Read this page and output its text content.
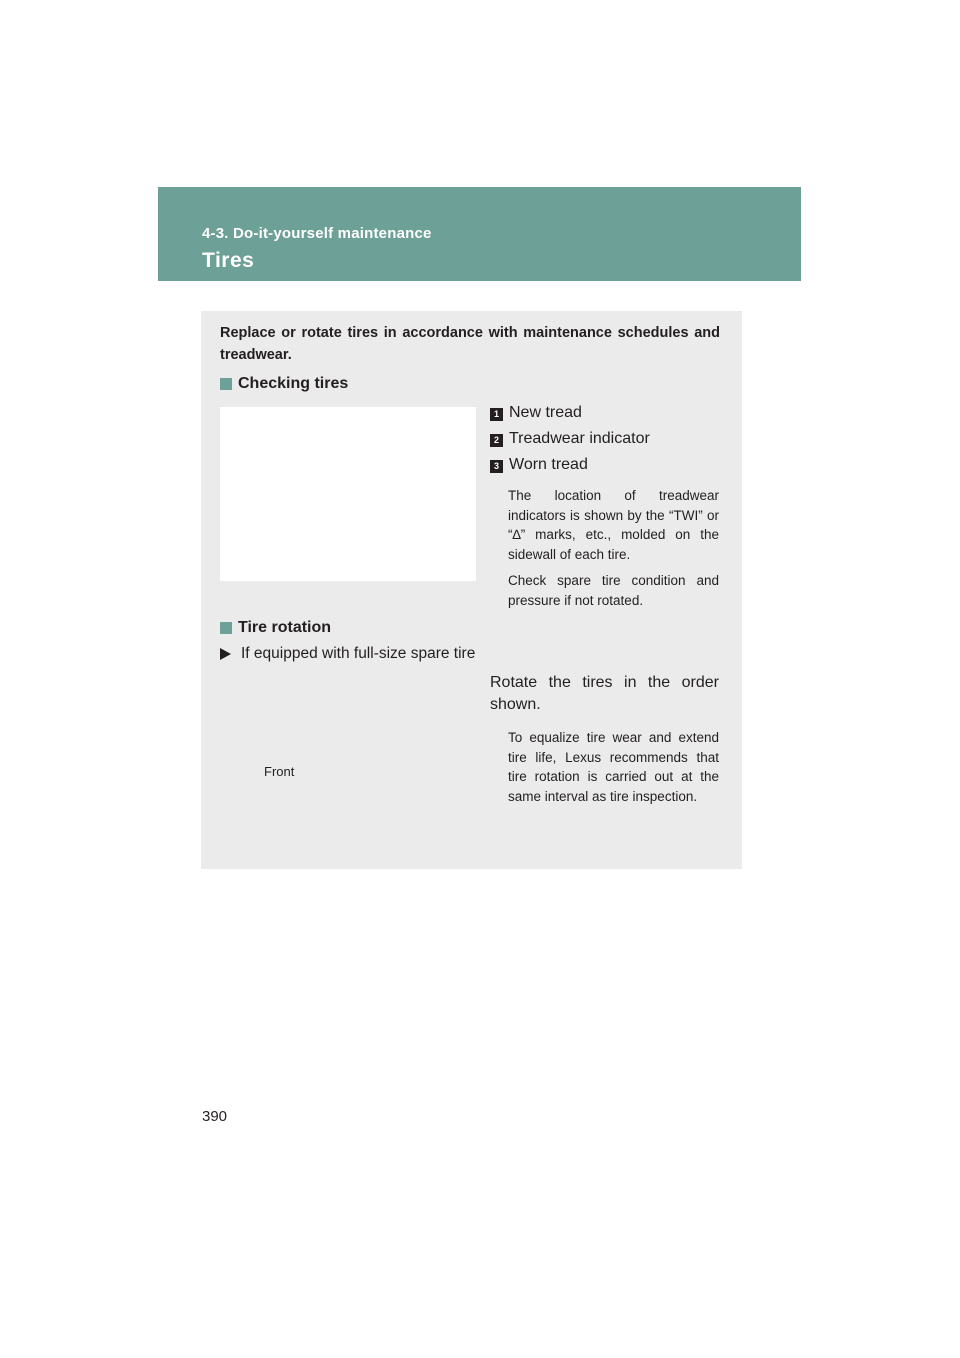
4-3. Do-it-yourself maintenance
Tires
Replace or rotate tires in accordance with maintenance schedules and treadwear.
Checking tires
1 New tread
2 Treadwear indicator
3 Worn tread
The location of treadwear indicators is shown by the “TWI” or “∆” marks, etc., molded on the sidewall of each tire.
Check spare tire condition and pressure if not rotated.
Tire rotation
If equipped with full-size spare tire
Rotate the tires in the order shown.
To equalize tire wear and extend tire life, Lexus recommends that tire rotation is carried out at the same interval as tire inspection.
Front
390
